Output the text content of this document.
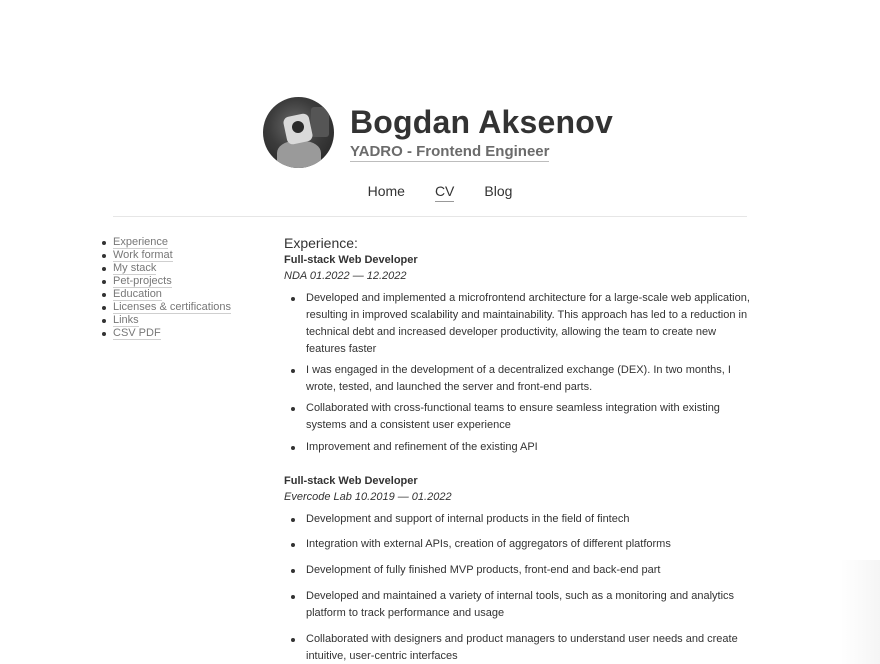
Bogdan Aksenov
YADRO - Frontend Engineer
Home CV Blog
Experience
Work format
My stack
Pet-projects
Education
Licenses & certifications
Links
CSV PDF
Experience:
Full-stack Web Developer
NDA 01.2022 — 12.2022
Developed and implemented a microfrontend architecture for a large-scale web application, resulting in improved scalability and maintainability. This approach has led to a reduction in technical debt and increased developer productivity, allowing the team to create new features faster
I was engaged in the development of a decentralized exchange (DEX). In two months, I wrote, tested, and launched the server and front-end parts.
Collaborated with cross-functional teams to ensure seamless integration with existing systems and a consistent user experience
Improvement and refinement of the existing API
Full-stack Web Developer
Evercode Lab 10.2019 — 01.2022
Development and support of internal products in the field of fintech
Integration with external APIs, creation of aggregators of different platforms
Development of fully finished MVP products, front-end and back-end part
Developed and maintained a variety of internal tools, such as a monitoring and analytics platform to track performance and usage
Collaborated with designers and product managers to understand user needs and create intuitive, user-centric interfaces
